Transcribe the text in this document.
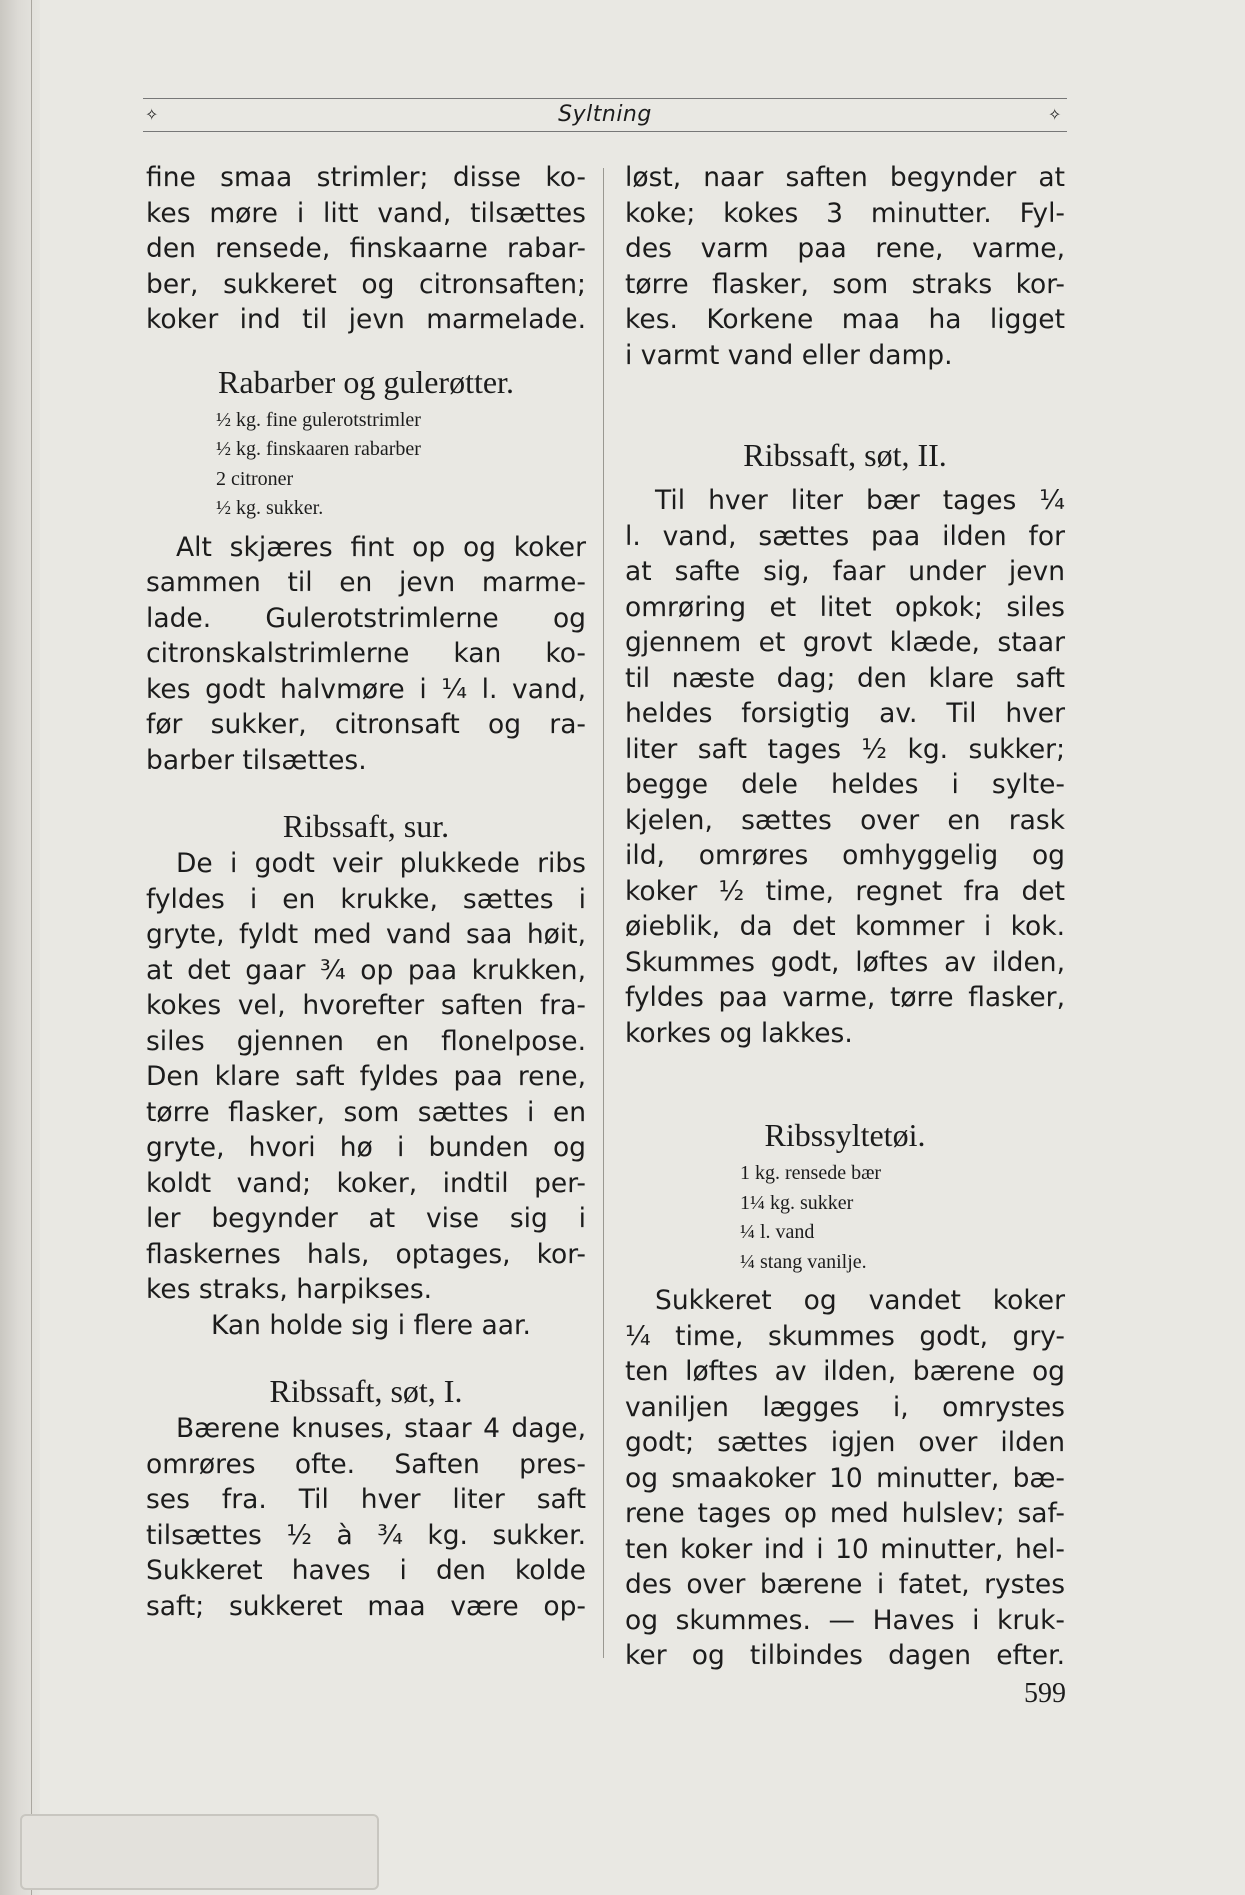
✧	Syltning	✧
fine smaa strimler; disse ko-
kes møre i litt vand, tilsættes
den rensede, finskaarne rabar-
ber, sukkeret og citronsaften;
koker ind til jevn marmelade.
Rabarber og gulerøtter.
½ kg. fine gulerotstrimler
½ kg. finskaaren rabarber
2 citroner
½ kg. sukker.
Alt skjæres fint op og koker
sammen til en jevn marme-
lade. Gulerotstrimlerne og
citronskalstrimlerne kan ko-
kes godt halvmøre i ¼ l. vand,
før sukker, citronsaft og ra-
barber tilsættes.
Ribssaft, sur.
De i godt veir plukkede ribs
fyldes i en krukke, sættes i
gryte, fyldt med vand saa høit,
at det gaar ¾ op paa krukken,
kokes vel, hvorefter saften fra-
siles gjennen en flonelpose.
Den klare saft fyldes paa rene,
tørre flasker, som sættes i en
gryte, hvori hø i bunden og
koldt vand; koker, indtil per-
ler begynder at vise sig i
flaskernes hals, optages, kor-
kes straks, harpikses.
Kan holde sig i flere aar.
Ribssaft, søt, I.
Bærene knuses, staar 4 dage,
omrøres ofte. Saften pres-
ses fra. Til hver liter saft
tilsættes ½ à ¾ kg. sukker.
Sukkeret haves i den kolde
saft; sukkeret maa være op-
løst, naar saften begynder at
koke; kokes 3 minutter. Fyl-
des varm paa rene, varme,
tørre flasker, som straks kor-
kes. Korkene maa ha ligget
i varmt vand eller damp.
Ribssaft, søt, II.
Til hver liter bær tages ¼
l. vand, sættes paa ilden for
at safte sig, faar under jevn
omrøring et litet opkok; siles
gjennem et grovt klæde, staar
til næste dag; den klare saft
heldes forsigtig av. Til hver
liter saft tages ½ kg. sukker;
begge dele heldes i sylte-
kjelen, sættes over en rask
ild, omrøres omhyggelig og
koker ½ time, regnet fra det
øieblik, da det kommer i kok.
Skummes godt, løftes av ilden,
fyldes paa varme, tørre flasker,
korkes og lakkes.
Ribssyltetøi.
1 kg. rensede bær
1¼ kg. sukker
¼ l. vand
¼ stang vanilje.
Sukkeret og vandet koker
¼ time, skummes godt, gry-
ten løftes av ilden, bærene og
vaniljen lægges i, omrystes
godt; sættes igjen over ilden
og smaakoker 10 minutter, bæ-
rene tages op med hulslev; saf-
ten koker ind i 10 minutter, hel-
des over bærene i fatet, rystes
og skummes. — Haves i kruk-
ker og tilbindes dagen efter.
599
